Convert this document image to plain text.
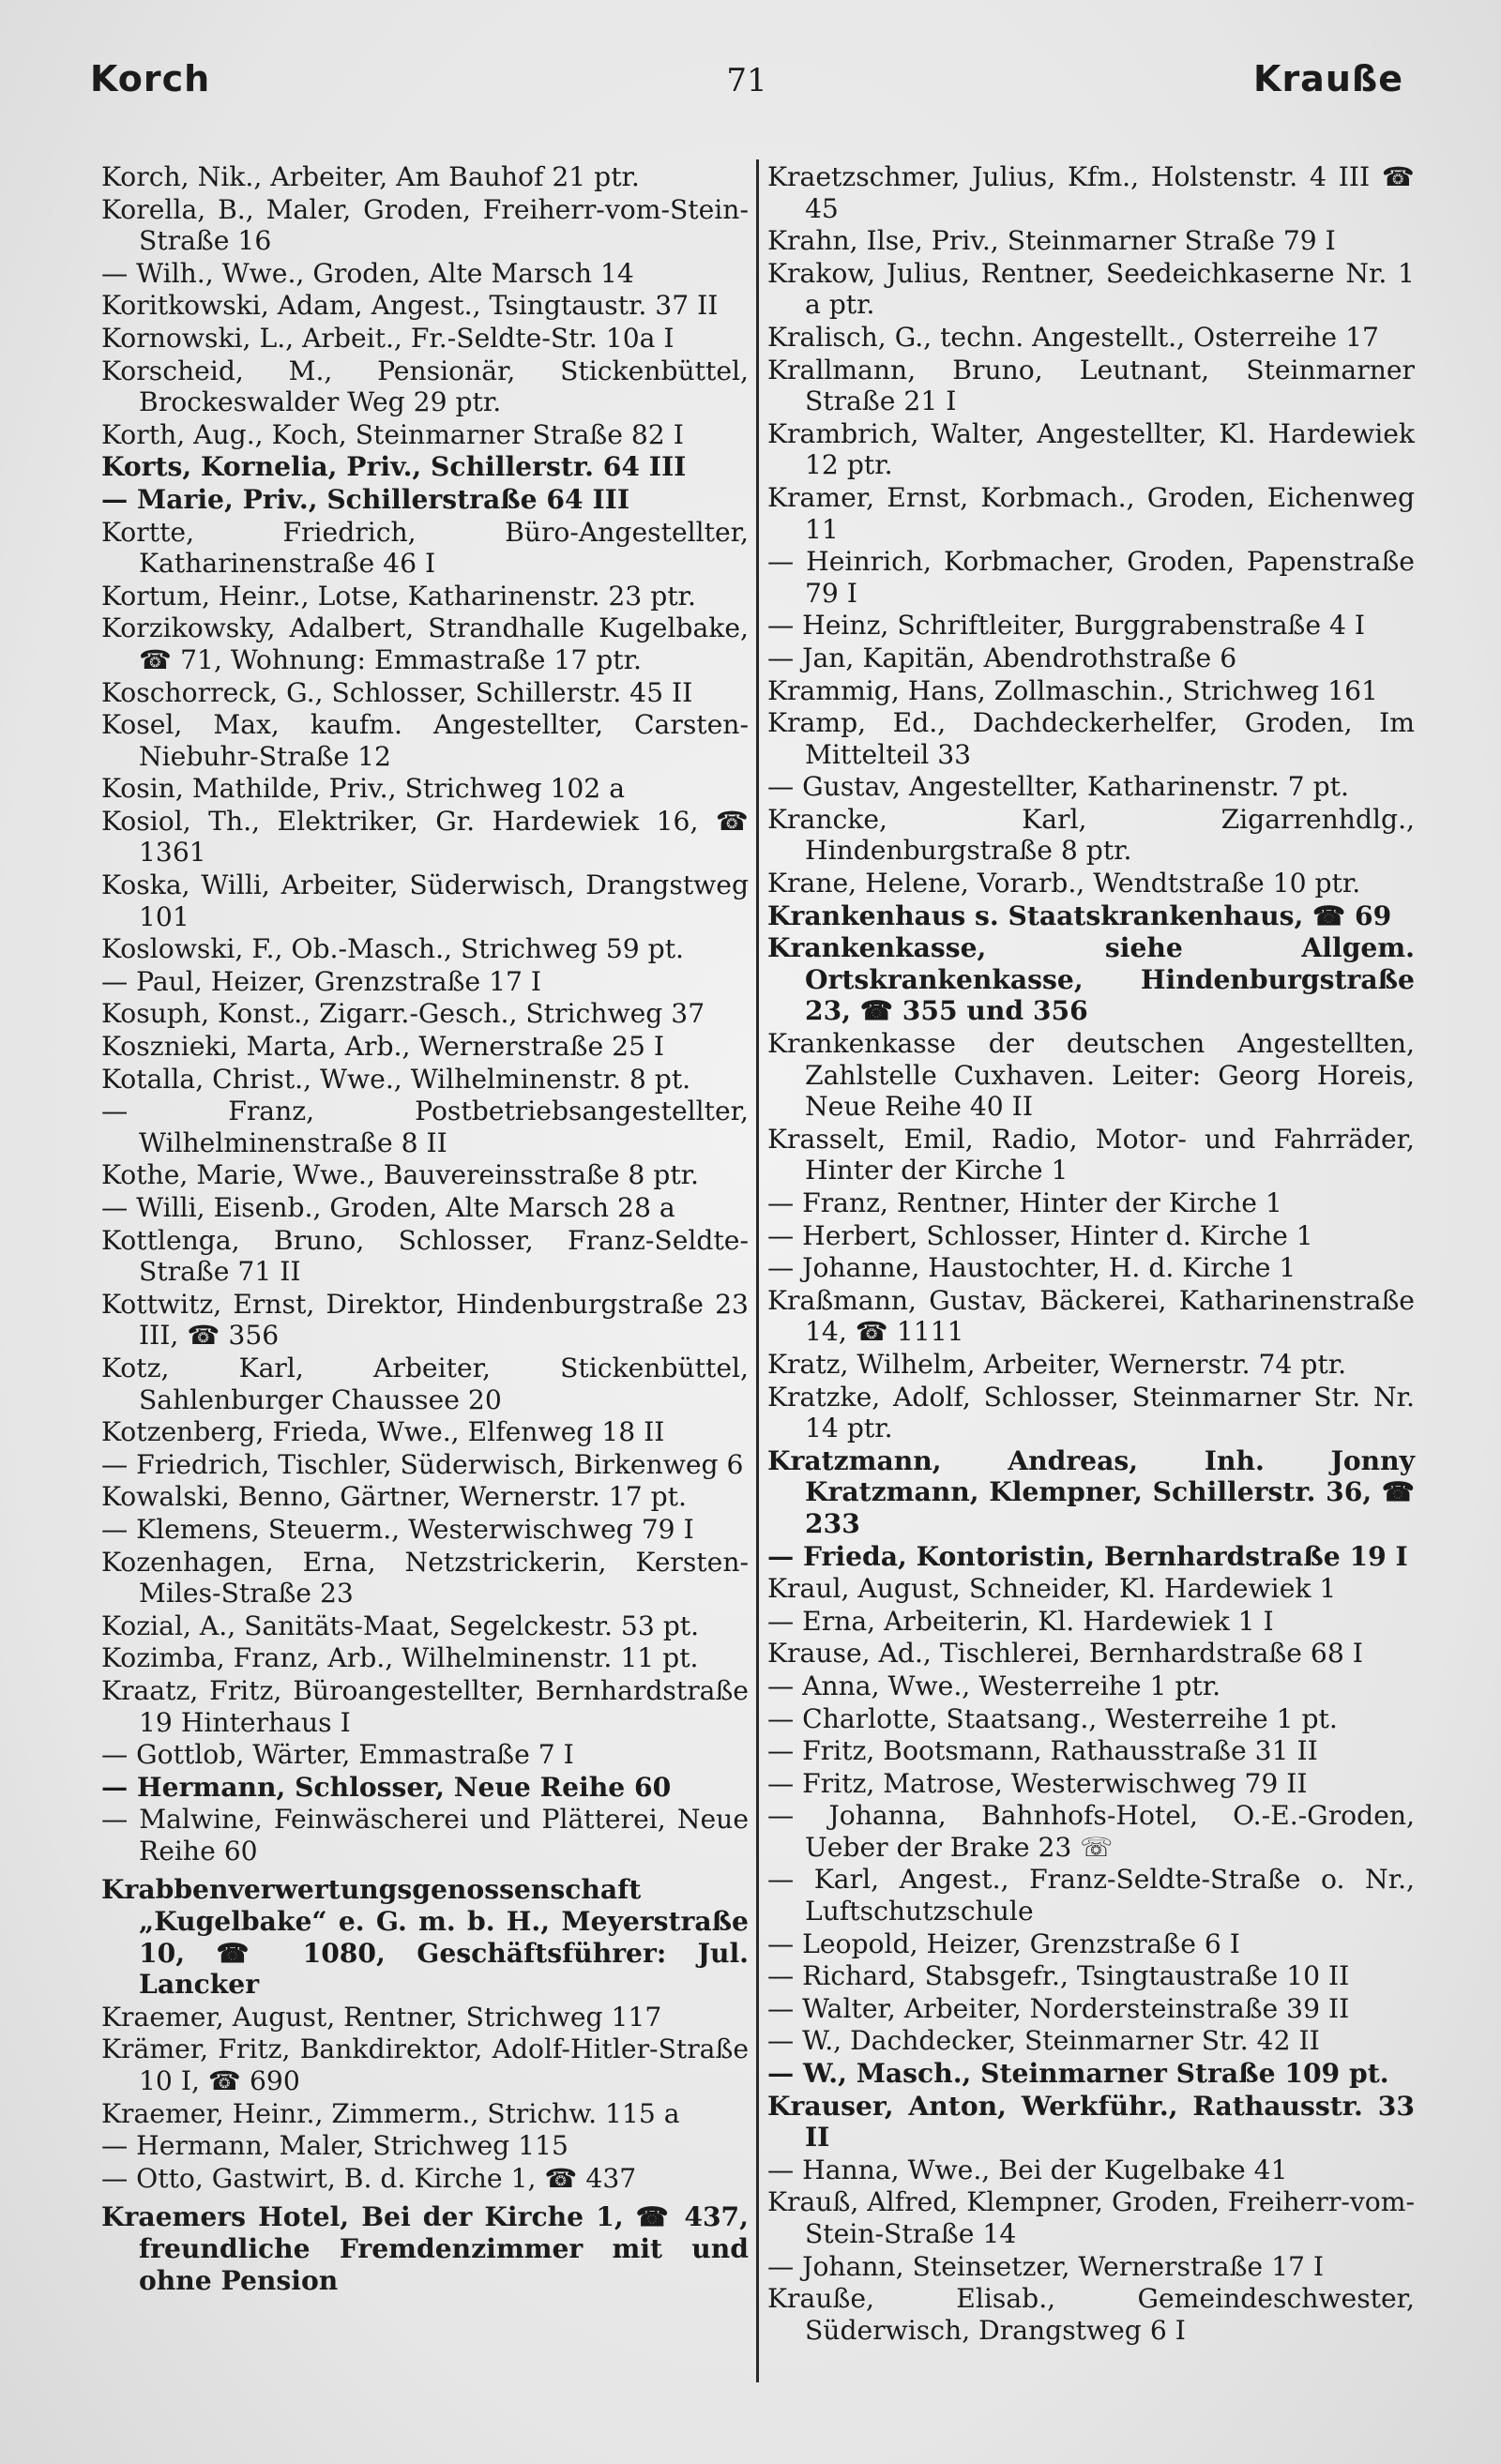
Korch	71	Krauße

Korch, Nik., Arbeiter, Am Bauhof 21 ptr.

Korella, B., Maler, Groden, Freiherr-vom-Stein-Straße 16

— Wilh., Wwe., Groden, Alte Marsch 14

Koritkowski, Adam, Angest., Tsingtaustr. 37 II

Kornowski, L., Arbeit., Fr.-Seldte-Str. 10a I

Korscheid, M., Pensionär, Stickenbüttel, Brockeswalder Weg 29 ptr.

Korth, Aug., Koch, Steinmarner Straße 82 I

Korts, Kornelia, Priv., Schillerstr. 64 III

— Marie, Priv., Schillerstraße 64 III

Kortte, Friedrich, Büro-Angestellter, Katharinenstraße 46 I

Kortum, Heinr., Lotse, Katharinenstr. 23 ptr.

Korzikowsky, Adalbert, Strandhalle Kugelbake, ☎ 71, Wohnung: Emmastraße 17 ptr.

Koschorreck, G., Schlosser, Schillerstr. 45 II

Kosel, Max, kaufm. Angestellter, Carsten-Niebuhr-Straße 12

Kosin, Mathilde, Priv., Strichweg 102 a

Kosiol, Th., Elektriker, Gr. Hardewiek 16, ☎ 1361

Koska, Willi, Arbeiter, Süderwisch, Drangstweg 101

Koslowski, F., Ob.-Masch., Strichweg 59 pt.

— Paul, Heizer, Grenzstraße 17 I

Kosuph, Konst., Zigarr.-Gesch., Strichweg 37

Kosznieki, Marta, Arb., Wernerstraße 25 I

Kotalla, Christ., Wwe., Wilhelminenstr. 8 pt.

— Franz, Postbetriebsangestellter, Wilhelminenstraße 8 II

Kothe, Marie, Wwe., Bauvereinsstraße 8 ptr.

— Willi, Eisenb., Groden, Alte Marsch 28 a

Kottlenga, Bruno, Schlosser, Franz-Seldte-Straße 71 II

Kottwitz, Ernst, Direktor, Hindenburgstraße 23 III, ☎ 356

Kotz, Karl, Arbeiter, Stickenbüttel, Sahlenburger Chaussee 20

Kotzenberg, Frieda, Wwe., Elfenweg 18 II

— Friedrich, Tischler, Süderwisch, Birkenweg 6

Kowalski, Benno, Gärtner, Wernerstr. 17 pt.

— Klemens, Steuerm., Westerwischweg 79 I

Kozenhagen, Erna, Netzstrickerin, Kersten-Miles-Straße 23

Kozial, A., Sanitäts-Maat, Segelckestr. 53 pt.

Kozimba, Franz, Arb., Wilhelminenstr. 11 pt.

Kraatz, Fritz, Büroangestellter, Bernhardstraße 19 Hinterhaus I

— Gottlob, Wärter, Emmastraße 7 I

— Hermann, Schlosser, Neue Reihe 60

— Malwine, Feinwäscherei und Plätterei, Neue Reihe 60

Krabbenverwertungsgenossenschaft „Kugelbake“ e. G. m. b. H., Meyerstraße 10, ☎ 1080, Geschäftsführer: Jul. Lancker

Kraemer, August, Rentner, Strichweg 117

Krämer, Fritz, Bankdirektor, Adolf-Hitler-Straße 10 I, ☎ 690

Kraemer, Heinr., Zimmerm., Strichw. 115 a

— Hermann, Maler, Strichweg 115

— Otto, Gastwirt, B. d. Kirche 1, ☎ 437

Kraemers Hotel, Bei der Kirche 1, ☎ 437, freundliche Fremdenzimmer mit und ohne Pension

Kraetzschmer, Julius, Kfm., Holstenstr. 4 III ☎ 45

Krahn, Ilse, Priv., Steinmarner Straße 79 I

Krakow, Julius, Rentner, Seedeichkaserne Nr. 1 a ptr.

Kralisch, G., techn. Angestellt., Osterreihe 17

Krallmann, Bruno, Leutnant, Steinmarner Straße 21 I

Krambrich, Walter, Angestellter, Kl. Hardewiek 12 ptr.

Kramer, Ernst, Korbmach., Groden, Eichenweg 11

— Heinrich, Korbmacher, Groden, Papenstraße 79 I

— Heinz, Schriftleiter, Burggrabenstraße 4 I

— Jan, Kapitän, Abendrothstraße 6

Krammig, Hans, Zollmaschin., Strichweg 161

Kramp, Ed., Dachdeckerhelfer, Groden, Im Mittelteil 33

— Gustav, Angestellter, Katharinenstr. 7 pt.

Krancke, Karl, Zigarrenhdlg., Hindenburgstraße 8 ptr.

Krane, Helene, Vorarb., Wendtstraße 10 ptr.

Krankenhaus s. Staatskrankenhaus, ☎ 69

Krankenkasse, siehe Allgem. Ortskrankenkasse, Hindenburgstraße 23, ☎ 355 und 356

Krankenkasse der deutschen Angestellten, Zahlstelle Cuxhaven. Leiter: Georg Horeis, Neue Reihe 40 II

Krasselt, Emil, Radio, Motor- und Fahrräder, Hinter der Kirche 1

— Franz, Rentner, Hinter der Kirche 1

— Herbert, Schlosser, Hinter d. Kirche 1

— Johanne, Haustochter, H. d. Kirche 1

Kraßmann, Gustav, Bäckerei, Katharinenstraße 14, ☎ 1111

Kratz, Wilhelm, Arbeiter, Wernerstr. 74 ptr.

Kratzke, Adolf, Schlosser, Steinmarner Str. Nr. 14 ptr.

Kratzmann, Andreas, Inh. Jonny Kratzmann, Klempner, Schillerstr. 36, ☎ 233

— Frieda, Kontoristin, Bernhardstraße 19 I

Kraul, August, Schneider, Kl. Hardewiek 1

— Erna, Arbeiterin, Kl. Hardewiek 1 I

Krause, Ad., Tischlerei, Bernhardstraße 68 I

— Anna, Wwe., Westerreihe 1 ptr.

— Charlotte, Staatsang., Westerreihe 1 pt.

— Fritz, Bootsmann, Rathausstraße 31 II

— Fritz, Matrose, Westerwischweg 79 II

— Johanna, Bahnhofs-Hotel, O.-E.-Groden, Ueber der Brake 23 ☏

— Karl, Angest., Franz-Seldte-Straße o. Nr., Luftschutzschule

— Leopold, Heizer, Grenzstraße 6 I

— Richard, Stabsgefr., Tsingtaustraße 10 II

— Walter, Arbeiter, Nordersteinstraße 39 II

— W., Dachdecker, Steinmarner Str. 42 II

— W., Masch., Steinmarner Straße 109 pt.

Krauser, Anton, Werkführ., Rathausstr. 33 II

— Hanna, Wwe., Bei der Kugelbake 41

Krauß, Alfred, Klempner, Groden, Freiherr-vom-Stein-Straße 14

— Johann, Steinsetzer, Wernerstraße 17 I

Krauße, Elisab., Gemeindeschwester, Süderwisch, Drangstweg 6 I
